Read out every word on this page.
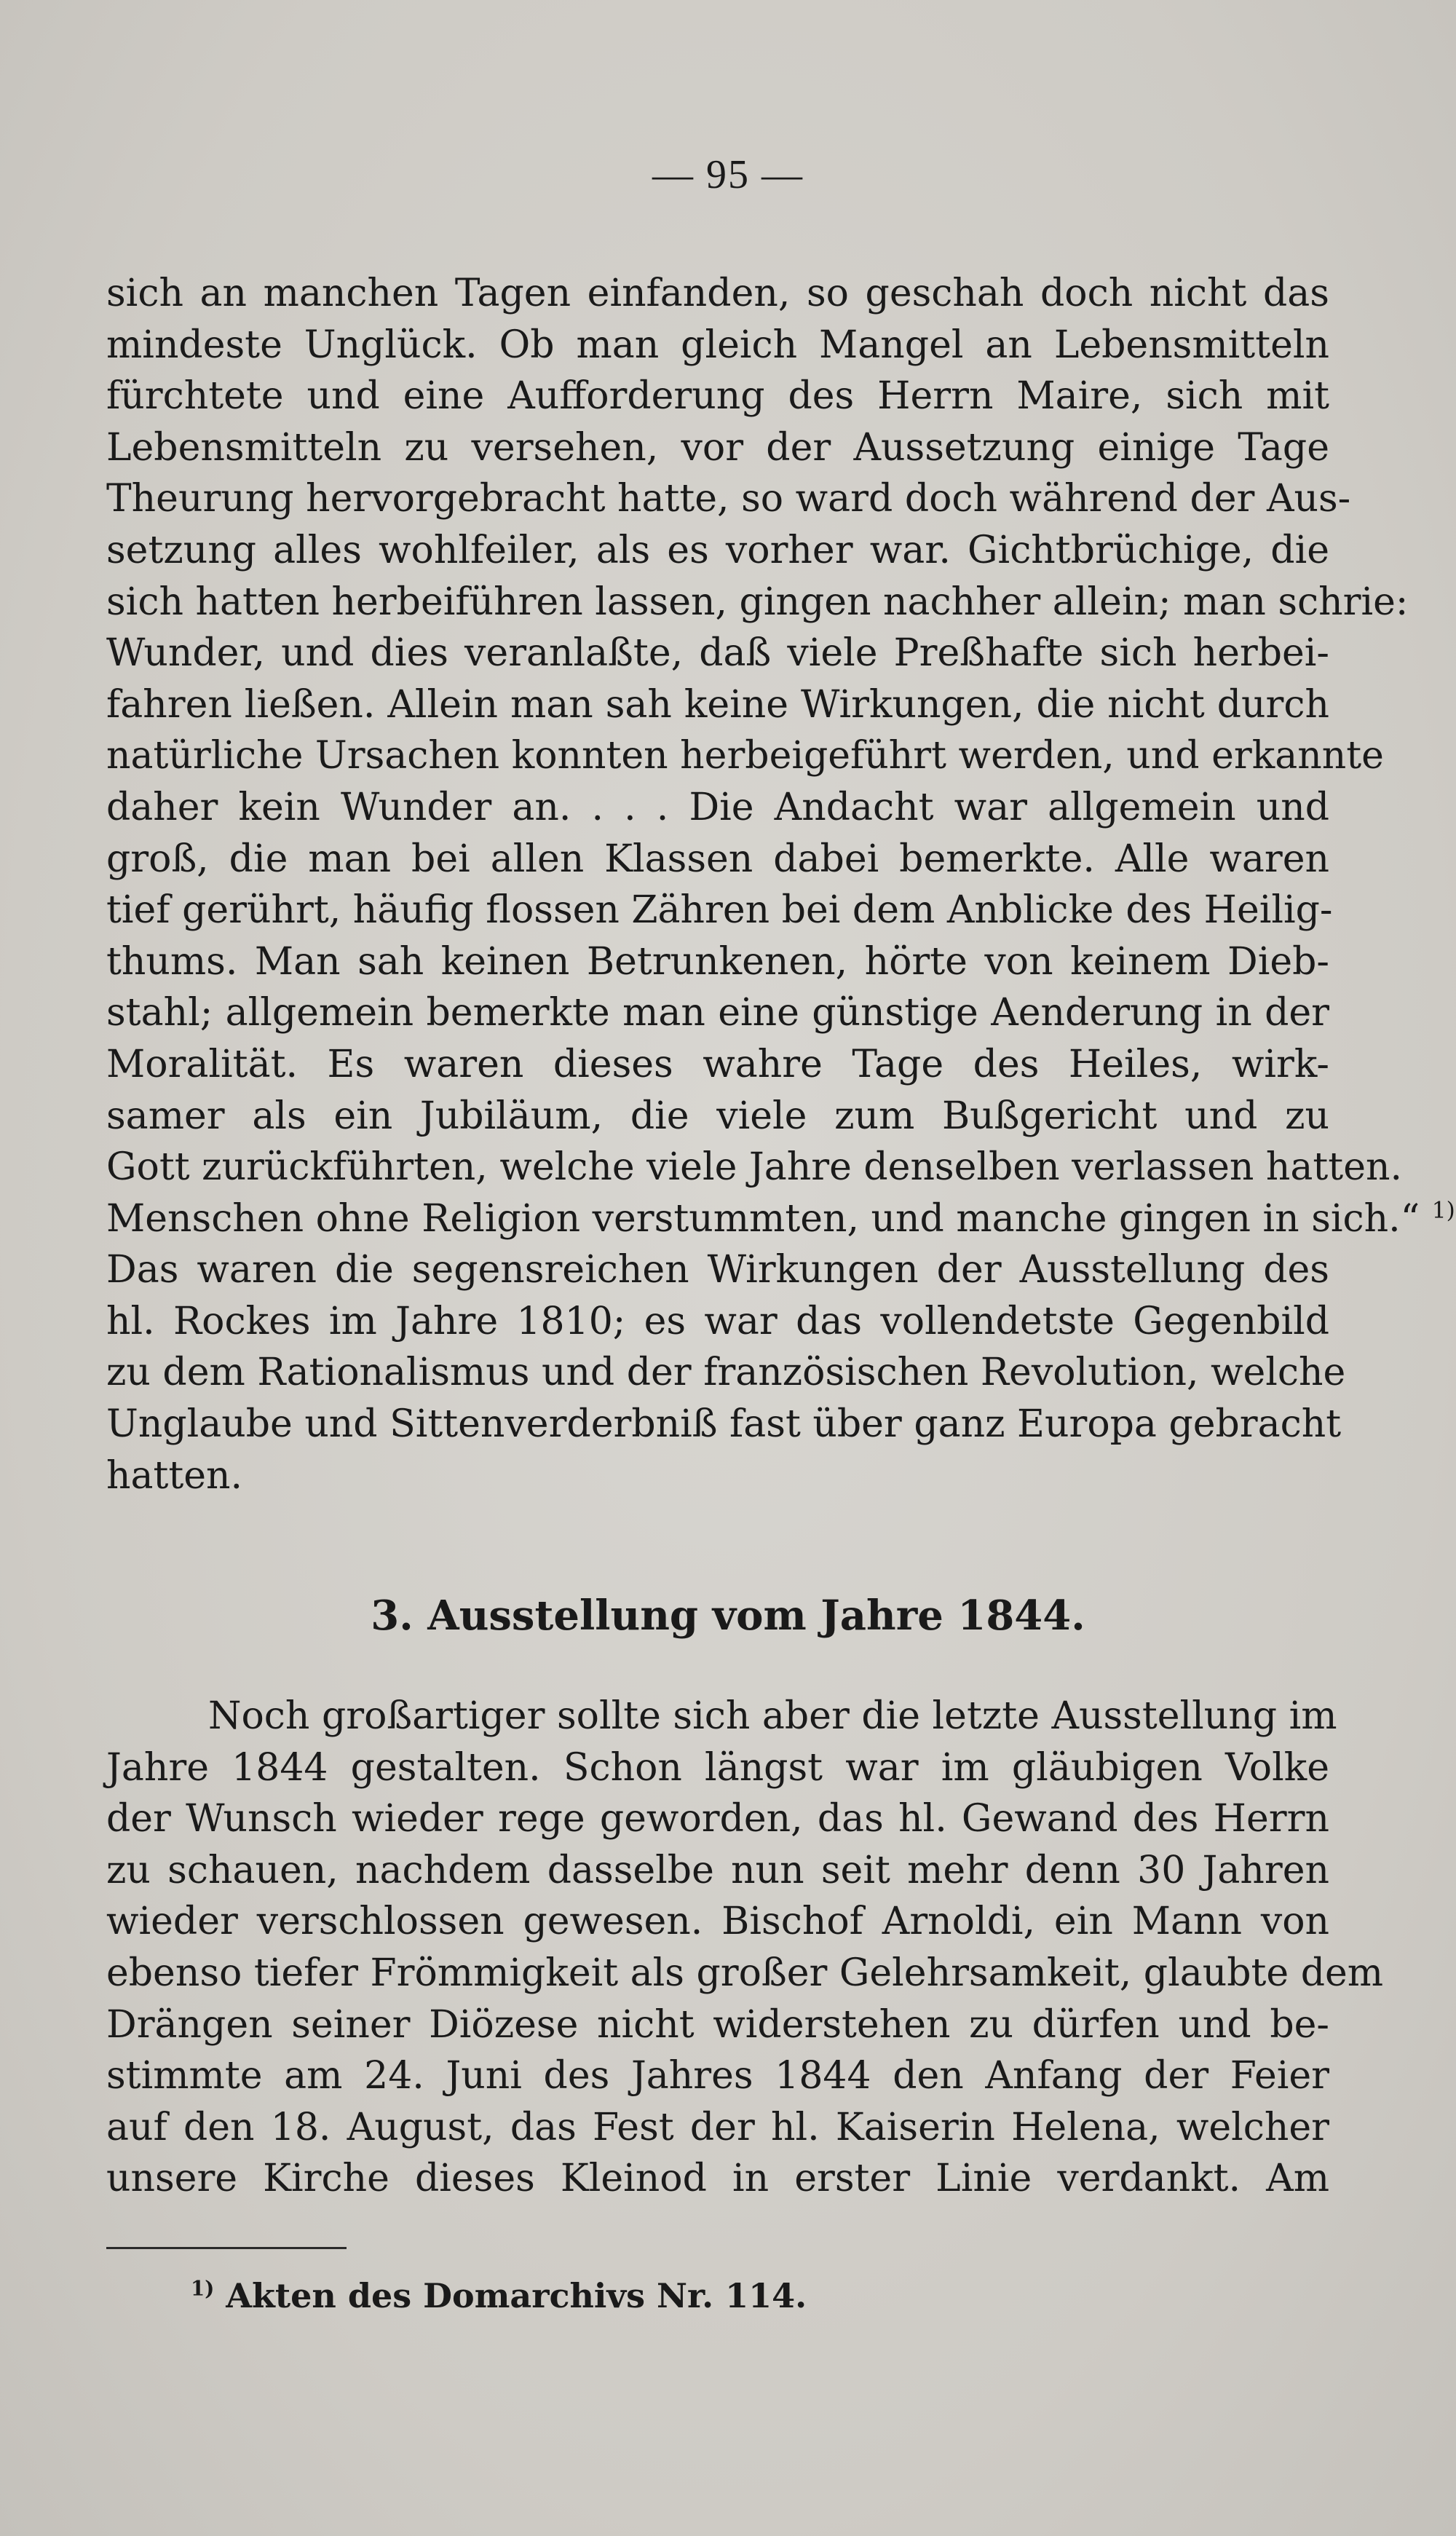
— 95 —
sich an manchen Tagen einfanden, so geschah doch nicht das
mindeste Unglück. Ob man gleich Mangel an Lebensmitteln
fürchtete und eine Aufforderung des Herrn Maire, sich mit
Lebensmitteln zu versehen, vor der Aussetzung einige Tage
Theurung hervorgebracht hatte, so ward doch während der Aus-
setzung alles wohlfeiler, als es vorher war. Gichtbrüchige, die
sich hatten herbeiführen lassen, gingen nachher allein; man schrie:
Wunder, und dies veranlaßte, daß viele Preßhafte sich herbei-
fahren ließen. Allein man sah keine Wirkungen, die nicht durch
natürliche Ursachen konnten herbeigeführt werden, und erkannte
daher kein Wunder an. . . . Die Andacht war allgemein und
groß, die man bei allen Klassen dabei bemerkte. Alle waren
tief gerührt, häufig flossen Zähren bei dem Anblicke des Heilig-
thums. Man sah keinen Betrunkenen, hörte von keinem Dieb-
stahl; allgemein bemerkte man eine günstige Aenderung in der
Moralität. Es waren dieses wahre Tage des Heiles, wirk-
samer als ein Jubiläum, die viele zum Bußgericht und zu
Gott zurückführten, welche viele Jahre denselben verlassen hatten.
Menschen ohne Religion verstummten, und manche gingen in sich.“ $^{1)}$
Das waren die segensreichen Wirkungen der Ausstellung des
hl. Rockes im Jahre 1810; es war das vollendetste Gegenbild
zu dem Rationalismus und der französischen Revolution, welche
Unglaube und Sittenverderbniß fast über ganz Europa gebracht
hatten.
3. Ausstellung vom Jahre 1844.
Noch großartiger sollte sich aber die letzte Ausstellung im
Jahre 1844 gestalten. Schon längst war im gläubigen Volke
der Wunsch wieder rege geworden, das hl. Gewand des Herrn
zu schauen, nachdem dasselbe nun seit mehr denn 30 Jahren
wieder verschlossen gewesen. Bischof Arnoldi, ein Mann von
ebenso tiefer Frömmigkeit als großer Gelehrsamkeit, glaubte dem
Drängen seiner Diözese nicht widerstehen zu dürfen und be-
stimmte am 24. Juni des Jahres 1844 den Anfang der Feier
auf den 18. August, das Fest der hl. Kaiserin Helena, welcher
unsere Kirche dieses Kleinod in erster Linie verdankt. Am
$^{1)}$ Akten des Domarchivs Nr. 114.
